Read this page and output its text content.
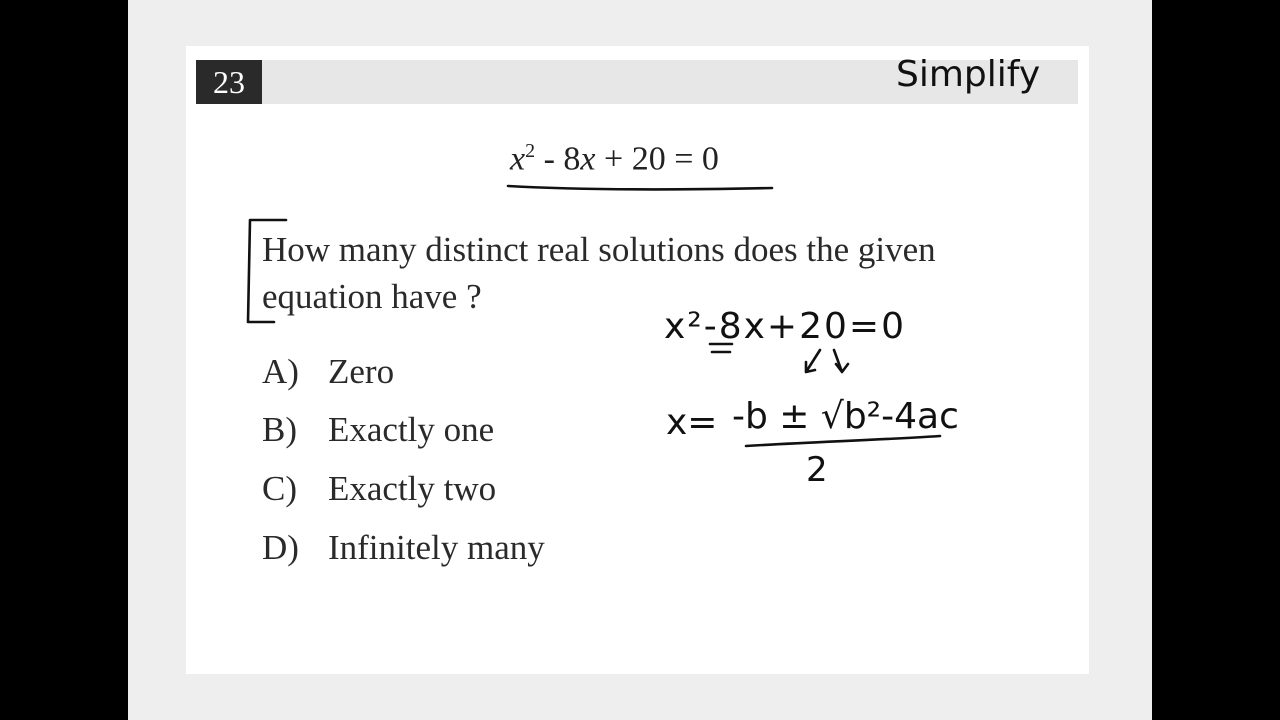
23
$x^2 - 8x + 20 = 0$
How many distinct real solutions does the given equation have ?
A) Zero
B) Exactly one
C) Exactly two
D) Infinitely many
Simplify
x²-8x+20=0
x= -b ± √b²-4ac
2
